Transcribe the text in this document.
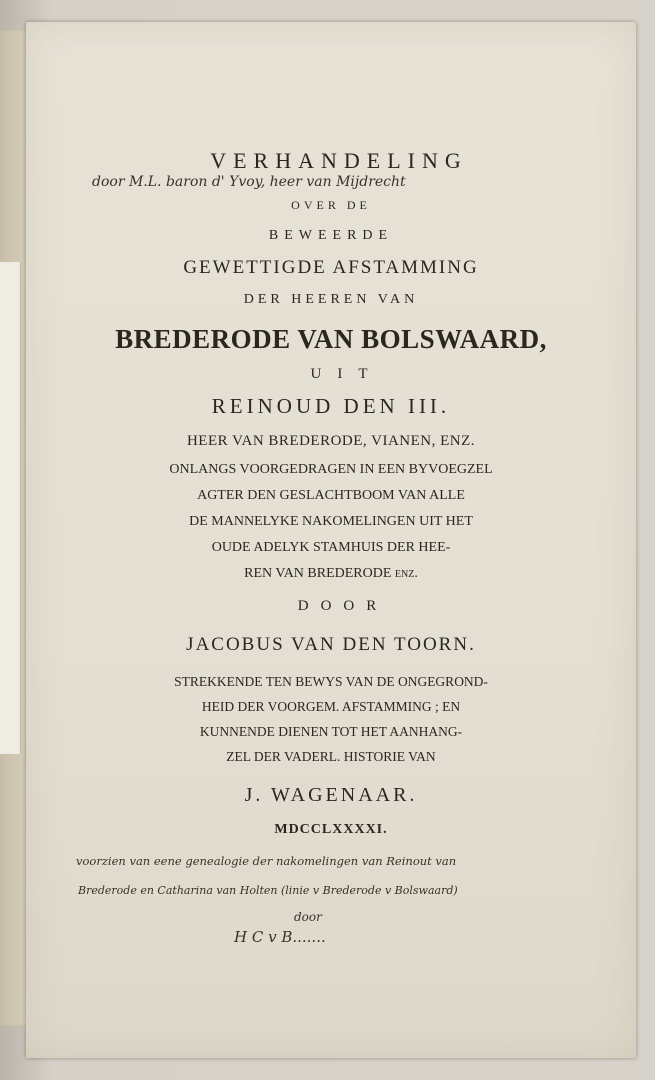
VERHANDELING

door M.L. baron d' Yvoy, heer van Mijdrecht

OVER DE

BEWEERDE

GEWETTIGDE AFSTAMMING

DER HEEREN VAN

BREDERODE VAN BOLSWAARD,

UIT

REINOUD DEN III.

HEER VAN BREDERODE, VIANEN, ENZ.

ONLANGS VOORGEDRAGEN IN EEN BYVOEGZEL

AGTER DEN GESLACHTBOOM VAN ALLE

DE MANNELYKE NAKOMELINGEN UIT HET

OUDE ADELYK STAMHUIS DER HEE-

REN VAN BREDERODE enz.

DOOR

JACOBUS VAN DEN TOORN.

STREKKENDE TEN BEWYS VAN DE ONGEGROND-

HEID DER VOORGEM. AFSTAMMING ; EN

KUNNENDE DIENEN TOT HET AANHANG-

ZEL DER VADERL. HISTORIE VAN

J. WAGENAAR.

MDCCLXXXXI.

voorzien van eene genealogie der nakomelingen van Reinout van

Brederode en Catharina van Holten (linie v Brederode v Bolswaard)

door

H C v B.......
